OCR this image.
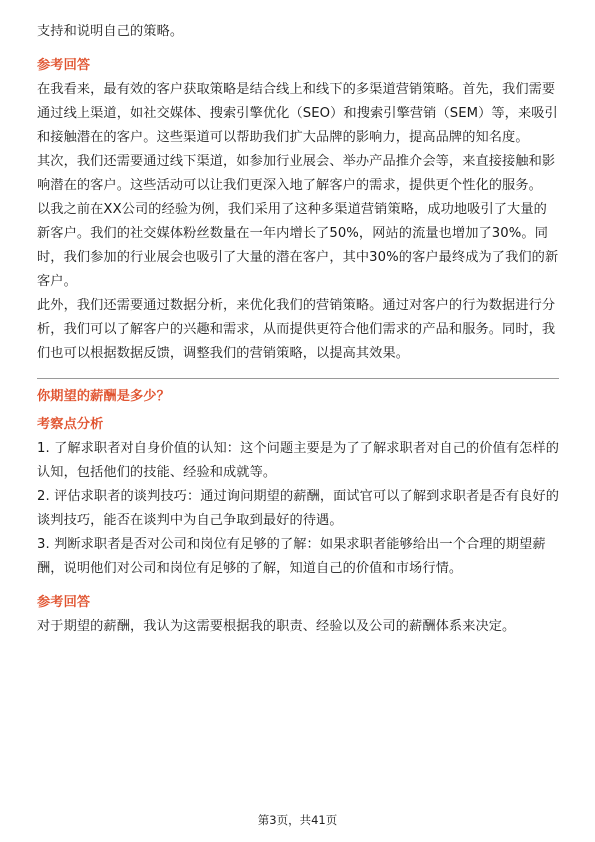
支持和说明自己的策略。

参考回答

在我看来，最有效的客户获取策略是结合线上和线下的多渠道营销策略。首先，我们需要通过线上渠道，如社交媒体、搜索引擎优化（SEO）和搜索引擎营销（SEM）等，来吸引和接触潜在的客户。这些渠道可以帮助我们扩大品牌的影响力，提高品牌的知名度。

其次，我们还需要通过线下渠道，如参加行业展会、举办产品推介会等，来直接接触和影响潜在的客户。这些活动可以让我们更深入地了解客户的需求，提供更个性化的服务。

以我之前在XX公司的经验为例，我们采用了这种多渠道营销策略，成功地吸引了大量的新客户。我们的社交媒体粉丝数量在一年内增长了50%，网站的流量也增加了30%。同时，我们参加的行业展会也吸引了大量的潜在客户，其中30%的客户最终成为了我们的新客户。

此外，我们还需要通过数据分析，来优化我们的营销策略。通过对客户的行为数据进行分析，我们可以了解客户的兴趣和需求，从而提供更符合他们需求的产品和服务。同时，我们也可以根据数据反馈，调整我们的营销策略，以提高其效果。

你期望的薪酬是多少？

考察点分析

1. 了解求职者对自身价值的认知：这个问题主要是为了了解求职者对自己的价值有怎样的认知，包括他们的技能、经验和成就等。

2. 评估求职者的谈判技巧：通过询问期望的薪酬，面试官可以了解到求职者是否有良好的谈判技巧，能否在谈判中为自己争取到最好的待遇。

3. 判断求职者是否对公司和岗位有足够的了解：如果求职者能够给出一个合理的期望薪酬，说明他们对公司和岗位有足够的了解，知道自己的价值和市场行情。

参考回答

对于期望的薪酬，我认为这需要根据我的职责、经验以及公司的薪酬体系来决定。

第3页，共41页
